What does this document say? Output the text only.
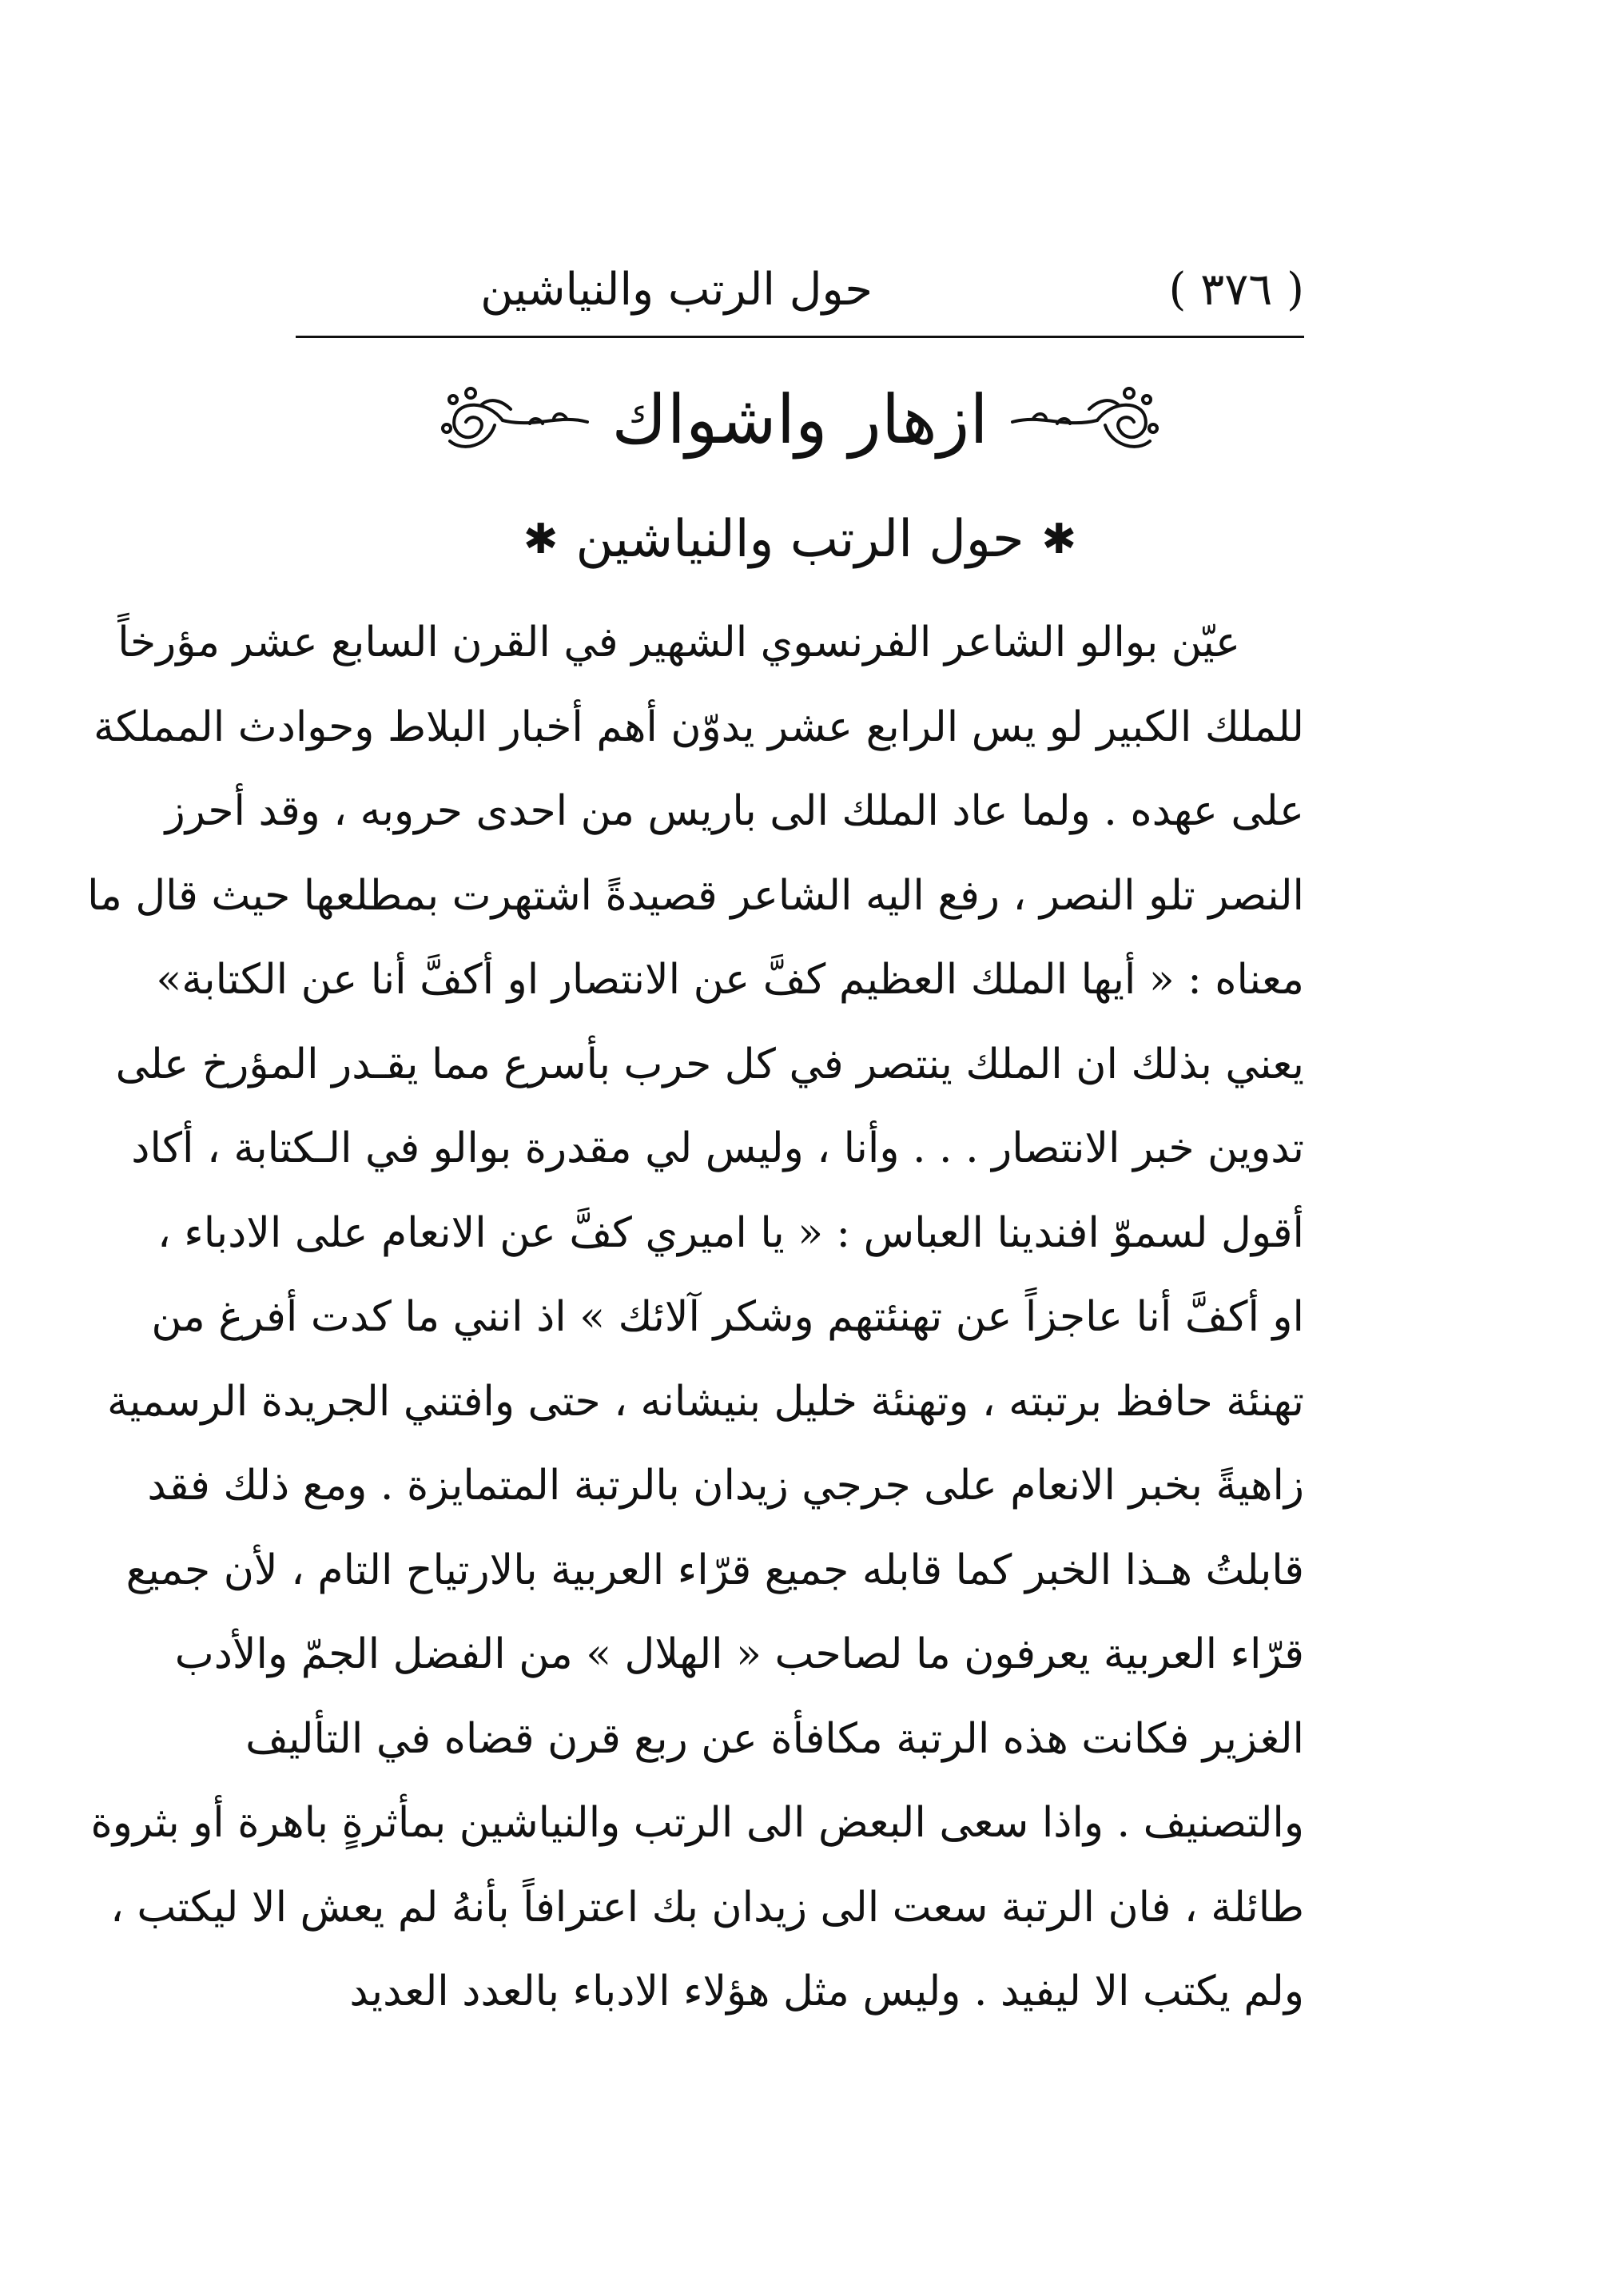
( ٣٧٦ )
حول الرتب والنياشين
ازهار واشواك
✱
حول الرتب والنياشين
✱
عيّن بوالو الشاعر الفرنسوي الشهير في القرن السابع عشر مؤرخاً
للملك الكبير لو يس الرابع عشر يدوّن أهم أخبار البلاط وحوادث المملكة
على عهده . ولما عاد الملك الى باريس من احدى حروبه ، وقد أحرز
النصر تلو النصر ، رفع اليه الشاعر قصيدةً اشتهرت بمطلعها حيث قال ما
معناه : « أيها الملك العظيم كفَّ عن الانتصار او أكفَّ أنا عن الكتابة»
يعني بذلك ان الملك ينتصر في كل حرب بأسرع مما يقـدر المؤرخ على
تدوين خبر الانتصار . . . وأنا ، وليس لي مقدرة بوالو في الـكتابة ، أكاد
أقول لسموّ افندينا العباس : « يا اميري كفَّ عن الانعام على الادباء ،
او أكفَّ أنا عاجزاً عن تهنئتهم وشكر آلائك » اذ انني ما كدت أفرغ من
تهنئة حافظ برتبته ، وتهنئة خليل بنيشانه ، حتى وافتني الجريدة الرسمية
زاهيةً بخبر الانعام على جرجي زيدان بالرتبة المتمايزة . ومع ذلك فقد
قابلتُ هـذا الخبر كما قابله جميع قرّاء العربية بالارتياح التام ، لأن جميع
قرّاء العربية يعرفون ما لصاحب « الهلال » من الفضل الجمّ والأدب
الغزير فكانت هذه الرتبة مكافأة عن ربع قرن قضاه في التأليف
والتصنيف . واذا سعى البعض الى الرتب والنياشين بمأثرةٍ باهرة أو بثروة
طائلة ، فان الرتبة سعت الى زيدان بك اعترافاً بأنهُ لم يعش الا ليكتب ،
ولم يكتب الا ليفيد . وليس مثل هؤلاء الادباء بالعدد العديد
